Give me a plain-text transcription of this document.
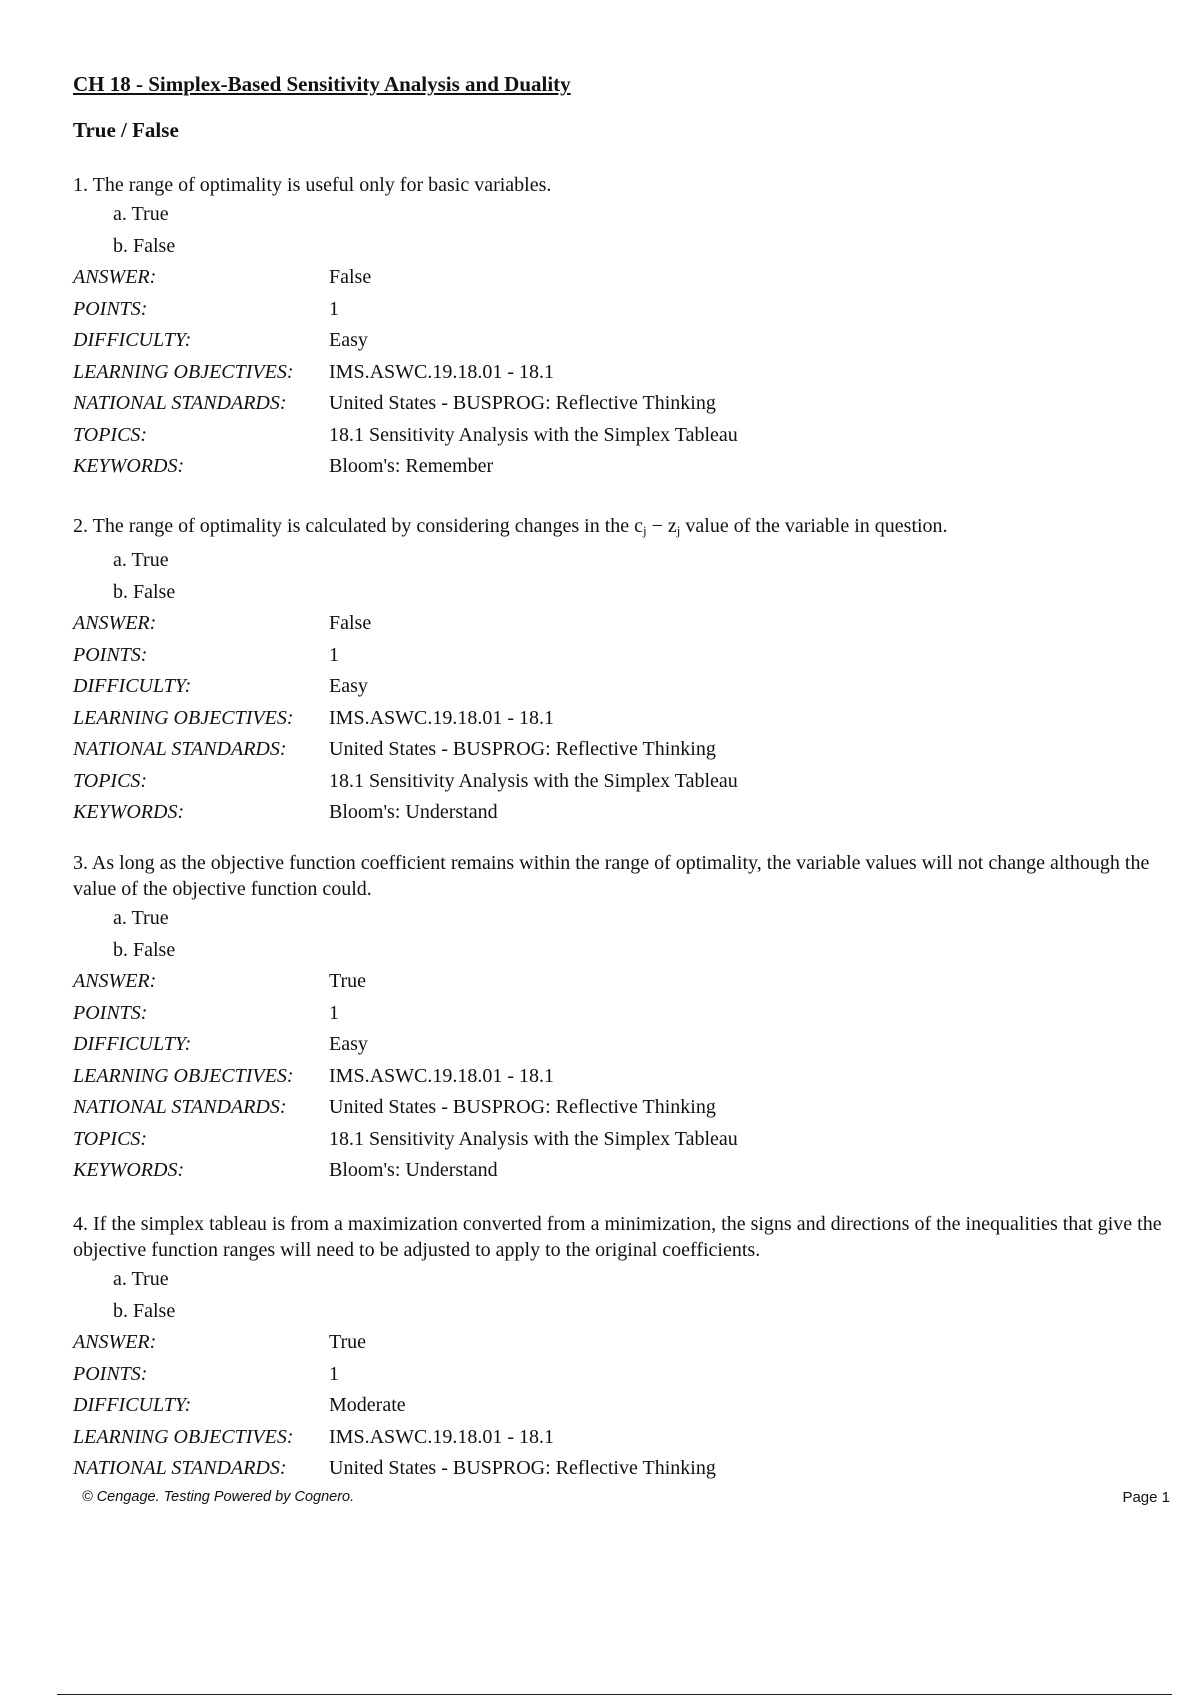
CH 18 - Simplex-Based Sensitivity Analysis and Duality
True / False

1. The range of optimality is useful only for basic variables.

a. True
b. False
ANSWER:	False
POINTS:	1
DIFFICULTY:	Easy
LEARNING OBJECTIVES: IMS.ASWC.19.18.01 - 18.1
NATIONAL STANDARDS: United States - BUSPROG: Reflective Thinking
TOPICS:	18.1 Sensitivity Analysis with the Simplex Tableau
KEYWORDS:	Bloom's: Remember

2. The range of optimality is calculated by considering changes in the $c_j - z_j$ value of the variable in question.

a. True
b. False
ANSWER:	False
POINTS:	1
DIFFICULTY:	Easy
LEARNING OBJECTIVES: IMS.ASWC.19.18.01 - 18.1
NATIONAL STANDARDS: United States - BUSPROG: Reflective Thinking
TOPICS:	18.1 Sensitivity Analysis with the Simplex Tableau
KEYWORDS:	Bloom's: Understand

3. As long as the objective function coefficient remains within the range of optimality, the variable values will not change although the value of the objective function could.

a. True
b. False
ANSWER:	True
POINTS:	1
DIFFICULTY:	Easy
LEARNING OBJECTIVES: IMS.ASWC.19.18.01 - 18.1
NATIONAL STANDARDS: United States - BUSPROG: Reflective Thinking
TOPICS:	18.1 Sensitivity Analysis with the Simplex Tableau
KEYWORDS:	Bloom's: Understand

4. If the simplex tableau is from a maximization converted from a minimization, the signs and directions of the inequalities that give the objective function ranges will need to be adjusted to apply to the original coefficients.

a. True
b. False
ANSWER:	True
POINTS:	1
DIFFICULTY:	Moderate
LEARNING OBJECTIVES: IMS.ASWC.19.18.01 - 18.1
NATIONAL STANDARDS: United States - BUSPROG: Reflective Thinking
© Cengage. Testing Powered by Cognero.	Page 1
